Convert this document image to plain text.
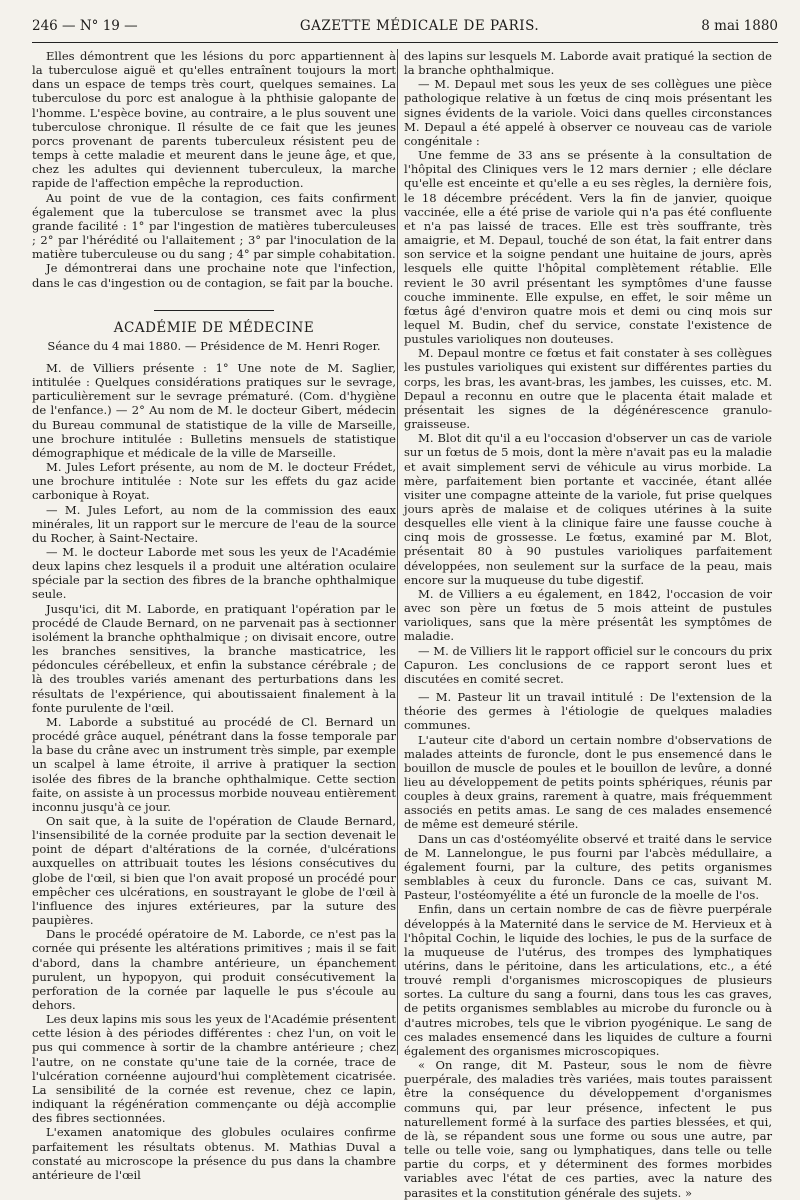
246 — N° 19 —	GAZETTE MÉDICALE DE PARIS.	8 mai 1880

Elles démontrent que les lésions du porc appartiennent à la tuberculose aiguë et qu'elles entraînent toujours la mort dans un espace de temps très court, quelques semaines. La tuberculose du porc est analogue à la phthisie galopante de l'homme. L'espèce bovine, au contraire, a le plus souvent une tuberculose chronique. Il résulte de ce fait que les jeunes porcs provenant de parents tuberculeux résistent peu de temps à cette maladie et meurent dans le jeune âge, et que, chez les adultes qui deviennent tuberculeux, la marche rapide de l'affection empêche la reproduction.

Au point de vue de la contagion, ces faits confirment également que la tuberculose se transmet avec la plus grande facilité : 1° par l'ingestion de matières tuberculeuses ; 2° par l'hérédité ou l'allaitement ; 3° par l'inoculation de la matière tuberculeuse ou du sang ; 4° par simple cohabitation.

Je démontrerai dans une prochaine note que l'infection, dans le cas d'ingestion ou de contagion, se fait par la bouche.

ACADÉMIE DE MÉDECINE
Séance du 4 mai 1880. — Présidence de M. Henri Roger.

M. de Villiers présente : 1° Une note de M. Saglier, intitulée : Quelques considérations pratiques sur le sevrage, particulièrement sur le sevrage prématuré. (Com. d'hygiène de l'enfance.) — 2° Au nom de M. le docteur Gibert, médecin du Bureau communal de statistique de la ville de Marseille, une brochure intitulée : Bulletins mensuels de statistique démographique et médicale de la ville de Marseille.

M. Jules Lefort présente, au nom de M. le docteur Frédet, une brochure intitulée : Note sur les effets du gaz acide carbonique à Royat.

— M. Jules Lefort, au nom de la commission des eaux minérales, lit un rapport sur le mercure de l'eau de la source du Rocher, à Saint-Nectaire.

— M. le docteur Laborde met sous les yeux de l'Académie deux lapins chez lesquels il a produit une altération oculaire spéciale par la section des fibres de la branche ophthalmique seule.

Jusqu'ici, dit M. Laborde, en pratiquant l'opération par le procédé de Claude Bernard, on ne parvenait pas à sectionner isolément la branche ophthalmique ; on divisait encore, outre les branches sensitives, la branche masticatrice, les pédoncules cérébelleux, et enfin la substance cérébrale ; de là des troubles variés amenant des perturbations dans les résultats de l'expérience, qui aboutissaient finalement à la fonte purulente de l'œil.

M. Laborde a substitué au procédé de Cl. Bernard un procédé grâce auquel, pénétrant dans la fosse temporale par la base du crâne avec un instrument très simple, par exemple un scalpel à lame étroite, il arrive à pratiquer la section isolée des fibres de la branche ophthalmique. Cette section faite, on assiste à un processus morbide nouveau entièrement inconnu jusqu'à ce jour.

On sait que, à la suite de l'opération de Claude Bernard, l'insensibilité de la cornée produite par la section devenait le point de départ d'altérations de la cornée, d'ulcérations auxquelles on attribuait toutes les lésions consécutives du globe de l'œil, si bien que l'on avait proposé un procédé pour empêcher ces ulcérations, en soustrayant le globe de l'œil à l'influence des injures extérieures, par la suture des paupières.

Dans le procédé opératoire de M. Laborde, ce n'est pas la cornée qui présente les altérations primitives ; mais il se fait d'abord, dans la chambre antérieure, un épanchement purulent, un hypopyon, qui produit consécutivement la perforation de la cornée par laquelle le pus s'écoule au dehors.

Les deux lapins mis sous les yeux de l'Académie présentent cette lésion à des périodes différentes : chez l'un, on voit le pus qui commence à sortir de la chambre antérieure ; chez l'autre, on ne constate qu'une taie de la cornée, trace de l'ulcération cornéenne aujourd'hui complètement cicatrisée. La sensibilité de la cornée est revenue, chez ce lapin, indiquant la régénération commençante ou déjà accomplie des fibres sectionnées.

L'examen anatomique des globules oculaires confirme parfaitement les résultats obtenus. M. Mathias Duval a constaté au microscope la présence du pus dans la chambre antérieure de l'œil

des lapins sur lesquels M. Laborde avait pratiqué la section de la branche ophthalmique.

— M. Depaul met sous les yeux de ses collègues une pièce pathologique relative à un fœtus de cinq mois présentant les signes évidents de la variole. Voici dans quelles circonstances M. Depaul a été appelé à observer ce nouveau cas de variole congénitale :

Une femme de 33 ans se présente à la consultation de l'hôpital des Cliniques vers le 12 mars dernier ; elle déclare qu'elle est enceinte et qu'elle a eu ses règles, la dernière fois, le 18 décembre précédent. Vers la fin de janvier, quoique vaccinée, elle a été prise de variole qui n'a pas été confluente et n'a pas laissé de traces. Elle est très souffrante, très amaigrie, et M. Depaul, touché de son état, la fait entrer dans son service et la soigne pendant une huitaine de jours, après lesquels elle quitte l'hôpital complètement rétablie. Elle revient le 30 avril présentant les symptômes d'une fausse couche imminente. Elle expulse, en effet, le soir même un fœtus âgé d'environ quatre mois et demi ou cinq mois sur lequel M. Budin, chef du service, constate l'existence de pustules varioliques non douteuses.

M. Depaul montre ce fœtus et fait constater à ses collègues les pustules varioliques qui existent sur différentes parties du corps, les bras, les avant-bras, les jambes, les cuisses, etc. M. Depaul a reconnu en outre que le placenta était malade et présentait les signes de la dégénérescence granulo-graisseuse.

M. Blot dit qu'il a eu l'occasion d'observer un cas de variole sur un fœtus de 5 mois, dont la mère n'avait pas eu la maladie et avait simplement servi de véhicule au virus morbide. La mère, parfaitement bien portante et vaccinée, étant allée visiter une compagne atteinte de la variole, fut prise quelques jours après de malaise et de coliques utérines à la suite desquelles elle vient à la clinique faire une fausse couche à cinq mois de grossesse. Le fœtus, examiné par M. Blot, présentait 80 à 90 pustules varioliques parfaitement développées, non seulement sur la surface de la peau, mais encore sur la muqueuse du tube digestif.

M. de Villiers a eu également, en 1842, l'occasion de voir avec son père un fœtus de 5 mois atteint de pustules varioliques, sans que la mère présentât les symptômes de maladie.

— M. de Villiers lit le rapport officiel sur le concours du prix Capuron. Les conclusions de ce rapport seront lues et discutées en comité secret.

— M. Pasteur lit un travail intitulé : De l'extension de la théorie des germes à l'étiologie de quelques maladies communes.

L'auteur cite d'abord un certain nombre d'observations de malades atteints de furoncle, dont le pus ensemencé dans le bouillon de muscle de poules et le bouillon de levûre, a donné lieu au développement de petits points sphériques, réunis par couples à deux grains, rarement à quatre, mais fréquemment associés en petits amas. Le sang de ces malades ensemencé de même est demeuré stérile.

Dans un cas d'ostéomyélite observé et traité dans le service de M. Lannelongue, le pus fourni par l'abcès médullaire, a également fourni, par la culture, des petits organismes semblables à ceux du furoncle. Dans ce cas, suivant M. Pasteur, l'ostéomyélite a été un furoncle de la moelle de l'os.

Enfin, dans un certain nombre de cas de fièvre puerpérale développés à la Maternité dans le service de M. Hervieux et à l'hôpital Cochin, le liquide des lochies, le pus de la surface de la muqueuse de l'utérus, des trompes des lymphatiques utérins, dans le péritoine, dans les articulations, etc., a été trouvé rempli d'organismes microscopiques de plusieurs sortes. La culture du sang a fourni, dans tous les cas graves, de petits organismes semblables au microbe du furoncle ou à d'autres microbes, tels que le vibrion pyogénique. Le sang de ces malades ensemencé dans les liquides de culture a fourni également des organismes microscopiques.

« On range, dit M. Pasteur, sous le nom de fièvre puerpérale, des maladies très variées, mais toutes paraissent être la conséquence du développement d'organismes communs qui, par leur présence, infectent le pus naturellement formé à la surface des parties blessées, et qui, de là, se répandent sous une forme ou sous une autre, par telle ou telle voie, sang ou lymphatiques, dans telle ou telle partie du corps, et y déterminent des formes morbides variables avec l'état de ces parties, avec la nature des parasites et la constitution générale des sujets. »
